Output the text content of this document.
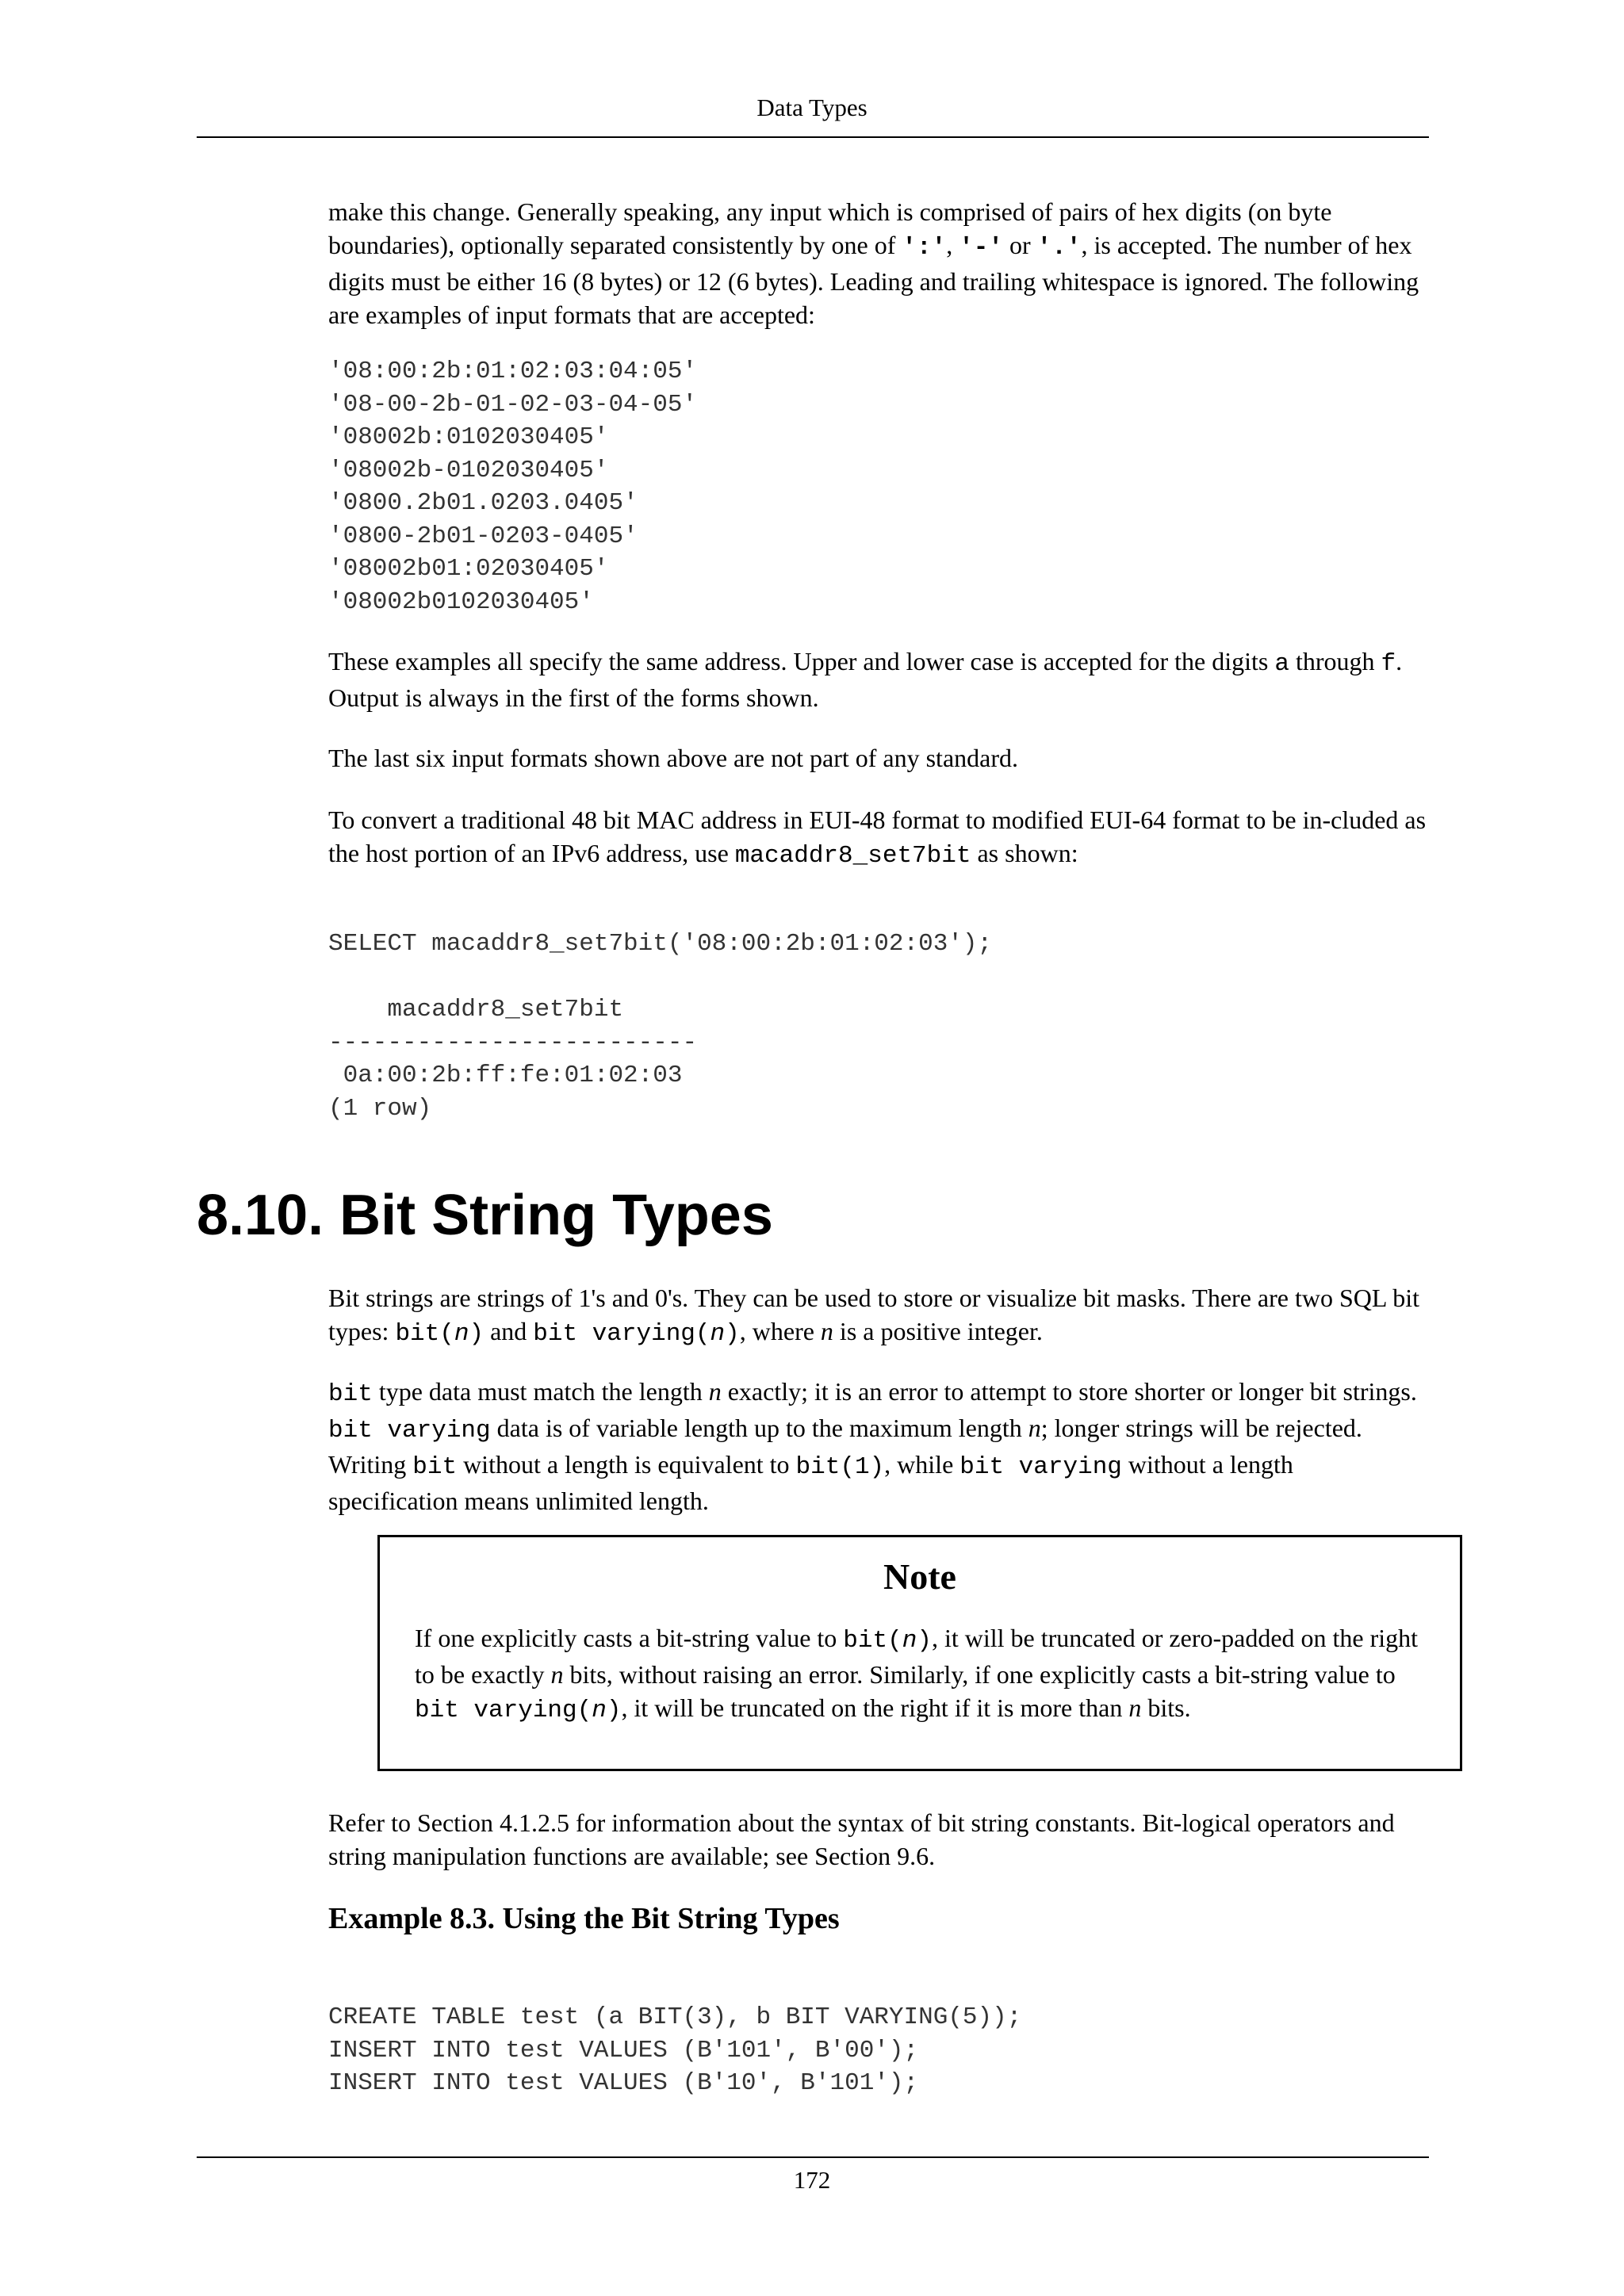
Data Types

make this change. Generally speaking, any input which is comprised of pairs of hex digits (on byte boundaries), optionally separated consistently by one of ':', '-' or '.', is accepted. The number of hex digits must be either 16 (8 bytes) or 12 (6 bytes). Leading and trailing whitespace is ignored. The following are examples of input formats that are accepted:

'08:00:2b:01:02:03:04:05'
'08-00-2b-01-02-03-04-05'
'08002b:0102030405'
'08002b-0102030405'
'0800.2b01.0203.0405'
'0800-2b01-0203-0405'
'08002b01:02030405'
'08002b0102030405'

These examples all specify the same address. Upper and lower case is accepted for the digits a through f. Output is always in the first of the forms shown.

The last six input formats shown above are not part of any standard.

To convert a traditional 48 bit MAC address in EUI-48 format to modified EUI-64 format to be in-cluded as the host portion of an IPv6 address, use macaddr8_set7bit as shown:

SELECT macaddr8_set7bit('08:00:2b:01:02:03');

macaddr8_set7bit
-------------------------
0a:00:2b:ff:fe:01:02:03
(1 row)
8.10. Bit String Types

Bit strings are strings of 1's and 0's. They can be used to store or visualize bit masks. There are two SQL bit types: bit(n) and bit varying(n), where n is a positive integer.

bit type data must match the length n exactly; it is an error to attempt to store shorter or longer bit strings. bit varying data is of variable length up to the maximum length n; longer strings will be rejected. Writing bit without a length is equivalent to bit(1), while bit varying without a length specification means unlimited length.

Note

If one explicitly casts a bit-string value to bit(n), it will be truncated or zero-padded on the right to be exactly n bits, without raising an error. Similarly, if one explicitly casts a bit-string value to bit varying(n), it will be truncated on the right if it is more than n bits.

Refer to Section 4.1.2.5 for information about the syntax of bit string constants. Bit-logical operators and string manipulation functions are available; see Section 9.6.

Example 8.3. Using the Bit String Types
CREATE TABLE test (a BIT(3), b BIT VARYING(5));
INSERT INTO test VALUES (B'101', B'00');
INSERT INTO test VALUES (B'10', B'101');
172
